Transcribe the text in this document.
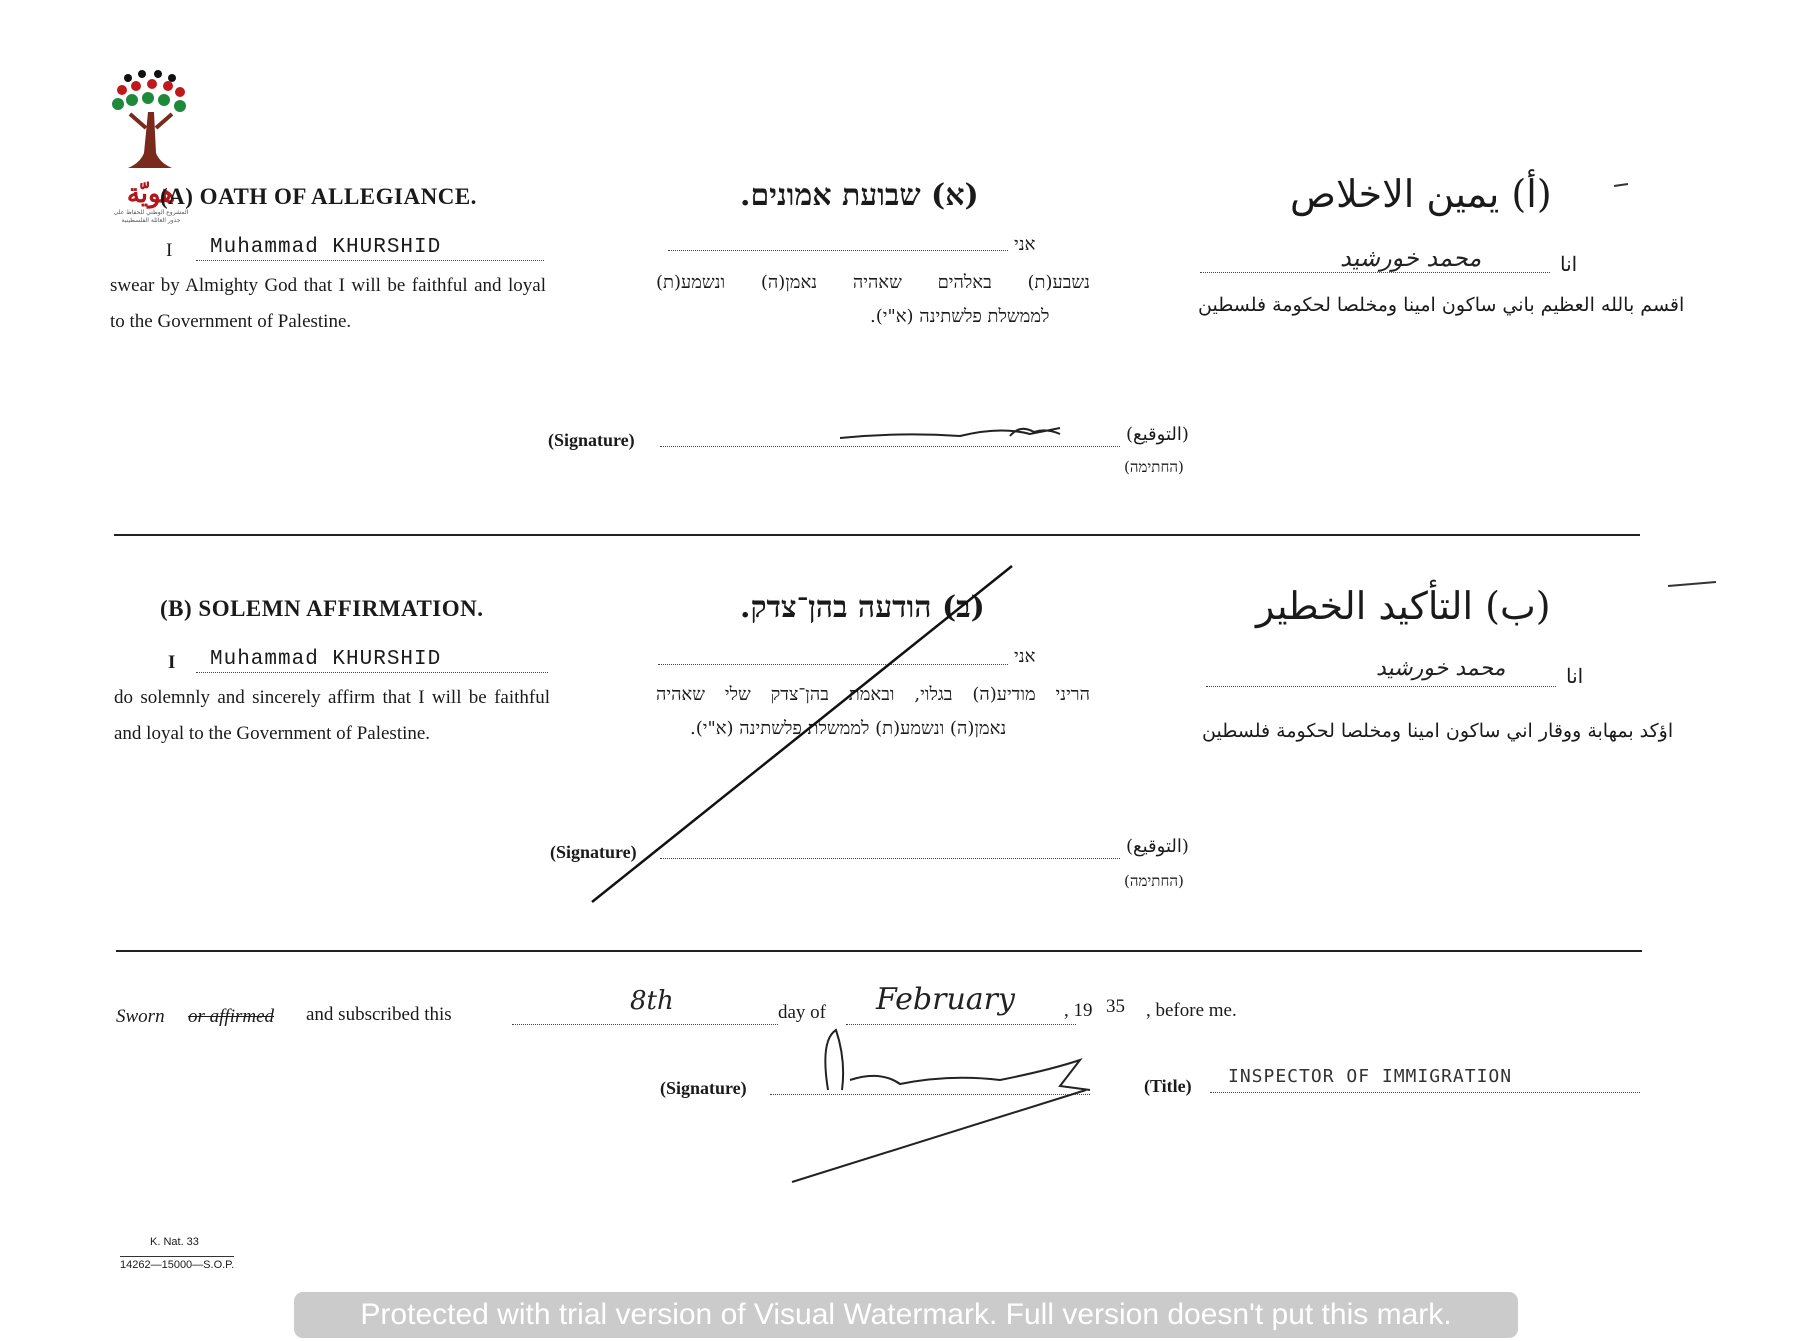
هويّة
المشروع الوطني للحفاظ على جذور العائلة الفلسطينية
(A) OATH OF ALLEGIANCE.	(א) שבועת אמונים.	(أ) يمين الاخلاص
I Muhammad KHURSHID
swear by Almighty God that I will be faithful and loyal to the Government of Palestine.
אני
נשבע(ת) באלהים שאהיה נאמן(ה) ונשמע(ת)
לממשלת פלשתינה (א"י).
محمد خورشيد	انا
اقسم بالله العظيم باني ساكون امينا ومخلصا لحكومة فلسطين
(Signature)	(التوقيع)
(החתימה)
(B) SOLEMN AFFIRMATION.	(ב) הודעה בהן־צדק.	(ب) التأكيد الخطير
I Muhammad KHURSHID
do solemnly and sincerely affirm that I will be faithful and loyal to the Government of Palestine.
אני
הריני מודיע(ה) בגלוי, ובאמת בהן־צדק שלי שאהיה
נאמן(ה) ונשמע(ת) לממשלת פלשתינה (א"י).
محمد خورشيد	انا
اؤكد بمهابة ووقار اني ساكون امينا ومخلصا لحكومة فلسطين
(Signature)	(التوقيع)
(החתימה)
Sworn or affirmed and subscribed this	8th	day of February	, 19 35 , before me.
(Signature)	(Title) INSPECTOR OF IMMIGRATION
K. Nat. 33
14262—15000—S.O.P.
Protected with trial version of Visual Watermark. Full version doesn't put this mark.
